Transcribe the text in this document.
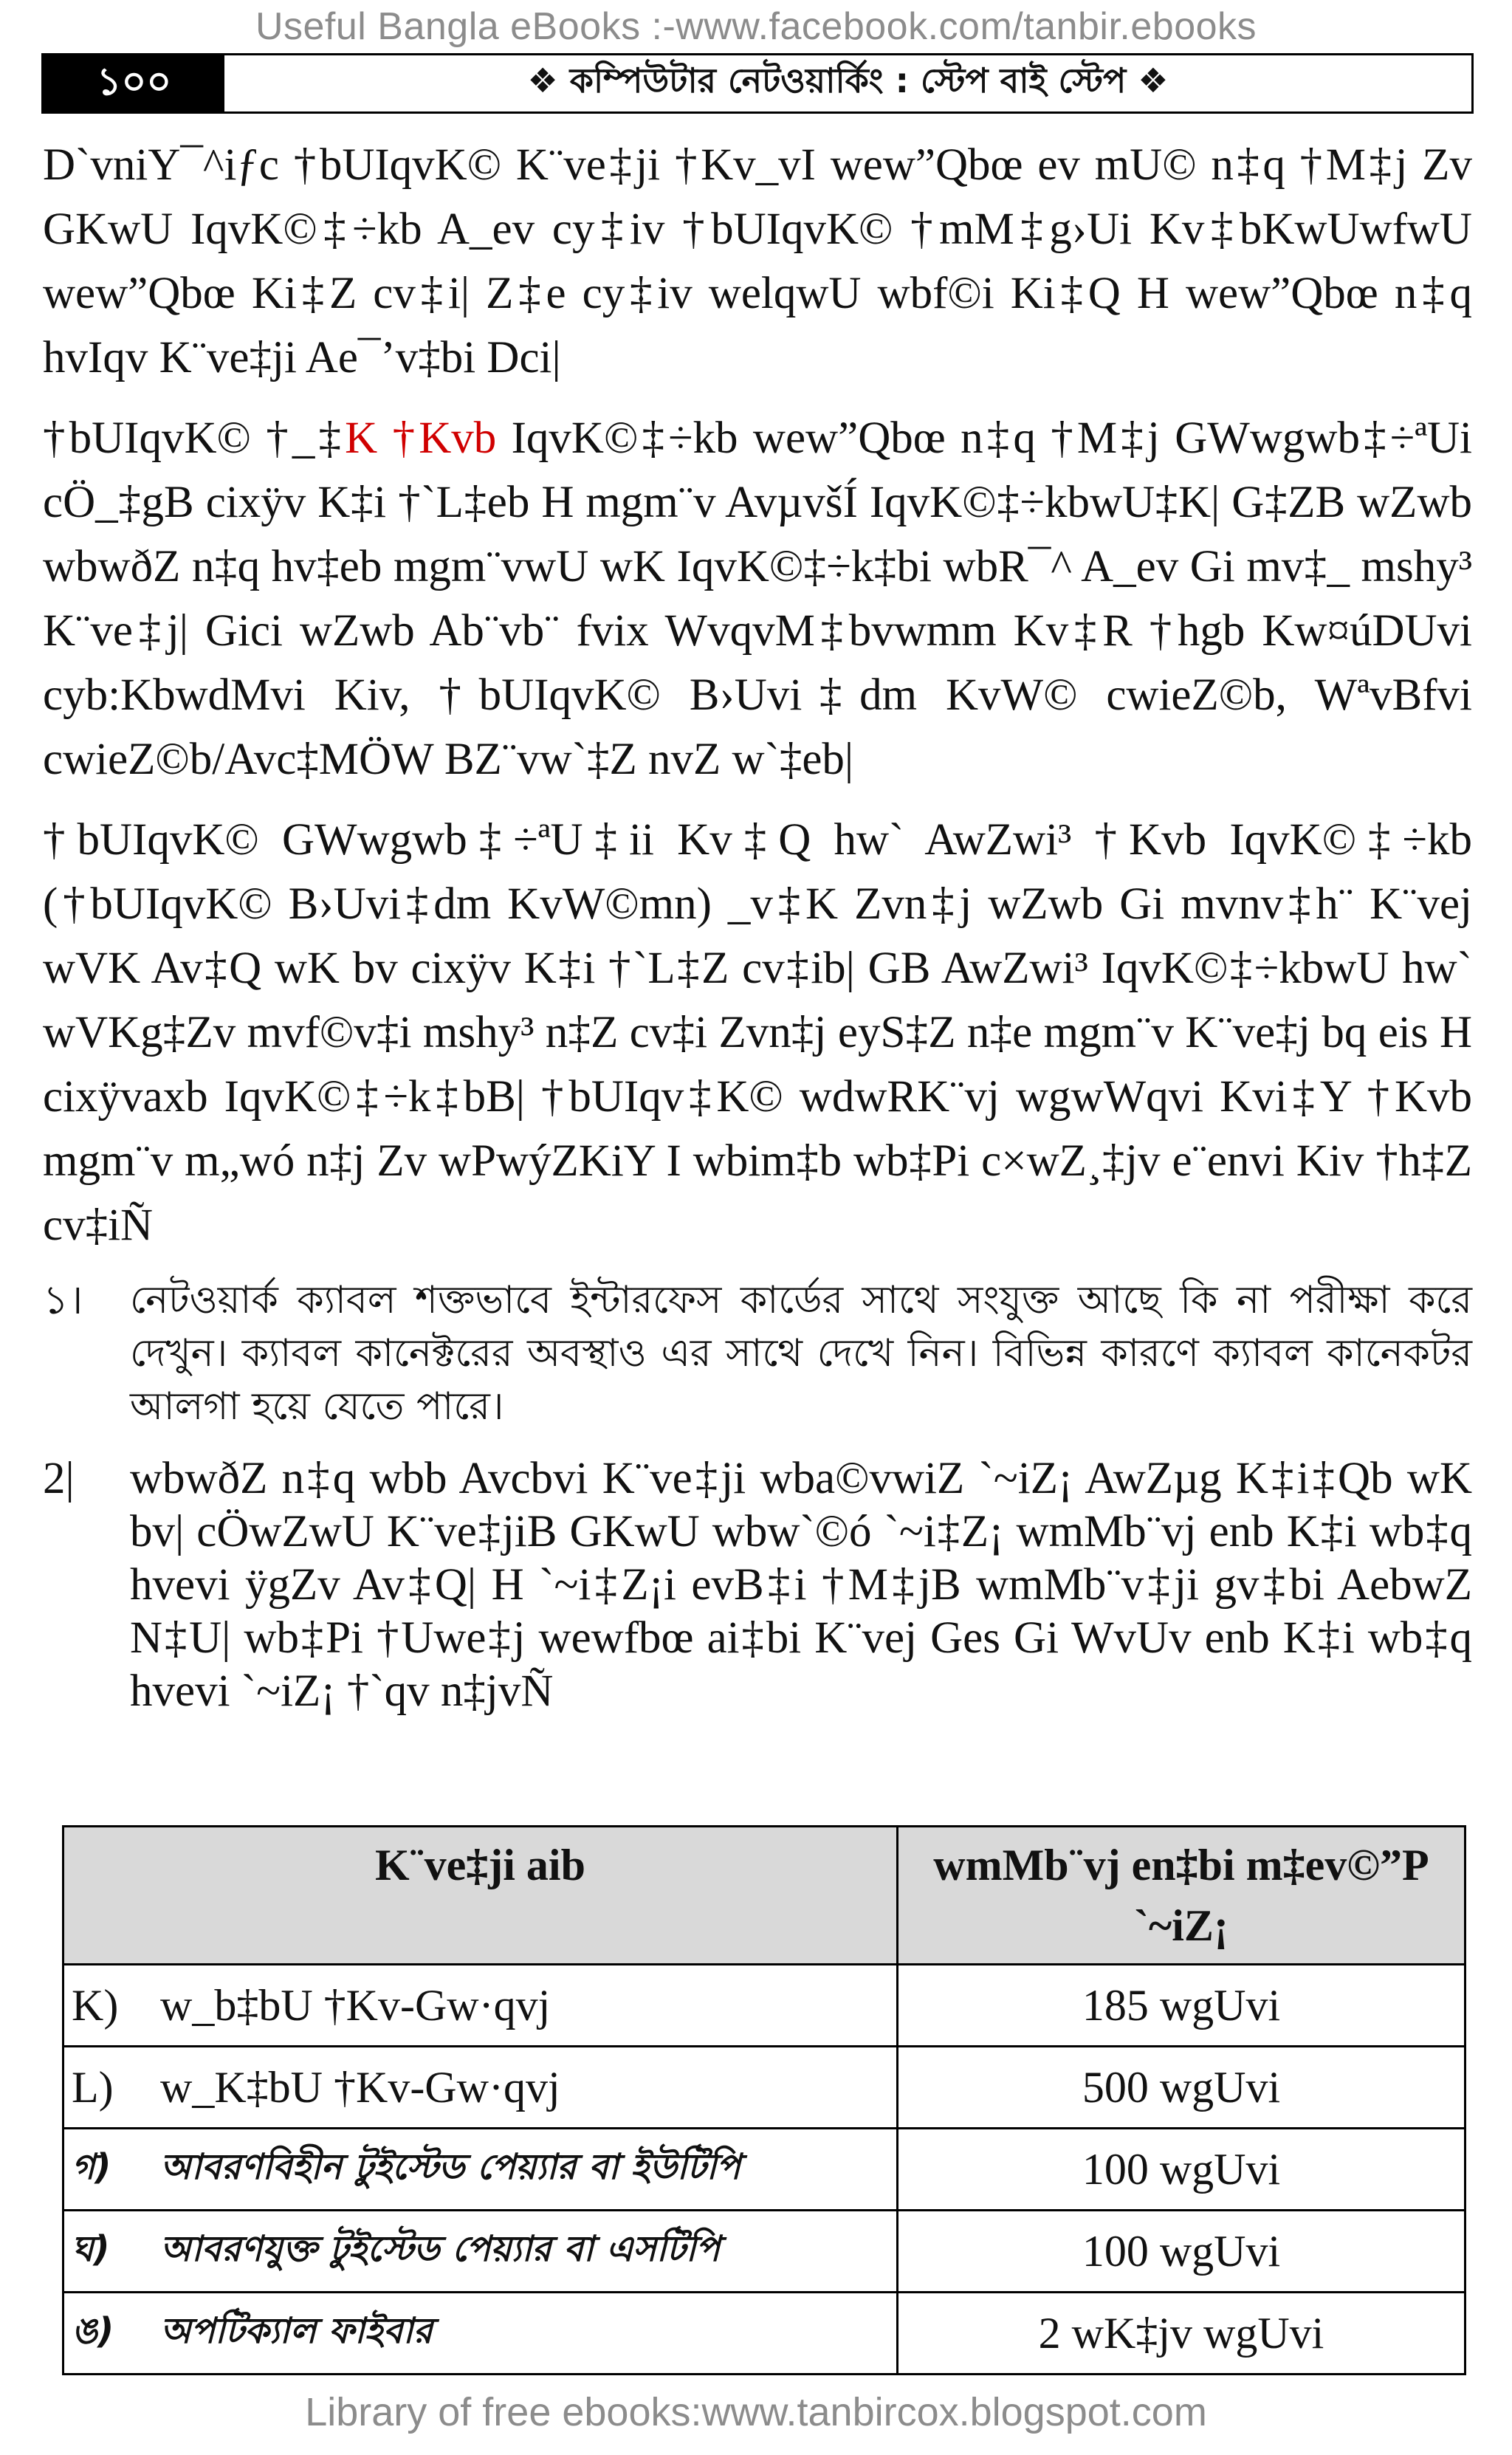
Useful Bangla eBooks :-www.facebook.com/tanbir.ebooks
১০০	❖ কম্পিউটার নেটওয়ার্কিং : স্টেপ বাই স্টেপ ❖

D`vniY¯^iƒc †bUIqvK© K¨ve‡ji †Kv_vI wew”Qbœ ev mU© n‡q †M‡j Zv GKwU IqvK©‡÷kb A_ev cy‡iv †bUIqvK© †mM‡g›Ui Kv‡bKwUwfwU wew”Qbœ Ki‡Z cv‡i| Z‡e cy‡iv welqwU wbf©i Ki‡Q H wew”Qbœ n‡q hvIqv K¨ve‡ji Ae¯’v‡bi Dci|

†bUIqvK© †_‡K †Kvb IqvK©‡÷kb wew”Qbœ n‡q †M‡j GWwgwb‡÷ªUi cÖ_‡gB cixÿv K‡i †`L‡eb H mgm¨v AvµvšÍ IqvK©‡÷kbwU‡K| G‡ZB wZwb wbwðZ n‡q hv‡eb mgm¨vwU wK IqvK©‡÷k‡bi wbR¯^ A_ev Gi mv‡_ mshy³ K¨ve‡j| Gici wZwb Ab¨vb¨ fvix WvqvM‡bvwmm Kv‡R †hgb Kw¤úDUvi cyb:KbwdMvi Kiv, †bUIqvK© B›Uvi‡dm KvW© cwieZ©b, WªvBfvi cwieZ©b/Avc‡MÖW BZ¨vw`‡Z nvZ w`‡eb|

†bUIqvK© GWwgwb‡÷ªU‡ii Kv‡Q hw` AwZwi³ †Kvb IqvK©‡÷kb (†bUIqvK© B›Uvi‡dm KvW©mn) _v‡K Zvn‡j wZwb Gi mvnv‡h¨ K¨vej wVK Av‡Q wK bv cixÿv K‡i †`L‡Z cv‡ib| GB AwZwi³ IqvK©‡÷kbwU hw` wVKg‡Zv mvf©v‡i mshy³ n‡Z cv‡i Zvn‡j eyS‡Z n‡e mgm¨v K¨ve‡j bq eis H cixÿvaxb IqvK©‡÷k‡bB| †bUIqv‡K© wdwRK¨vj wgwWqvi Kvi‡Y †Kvb mgm¨v m„wó n‡j Zv wPwýZKiY I wbim‡b wb‡Pi c×wZ¸‡jv e¨envi Kiv †h‡Z cv‡iÑ

১।	নেটওয়ার্ক ক্যাবল শক্তভাবে ইন্টারফেস কার্ডের সাথে সংযুক্ত আছে কি না পরীক্ষা করে দেখুন। ক্যাবল কানেক্টরের অবস্থাও এর সাথে দেখে নিন। বিভিন্ন কারণে ক্যাবল কানেকটর আলগা হয়ে যেতে পারে।
2|	wbwðZ n‡q wbb Avcbvi K¨ve‡ji wba©vwiZ `~iZ¡ AwZµg K‡i‡Qb wK bv| cÖwZwU K¨ve‡jiB GKwU wbw`©ó `~i‡Z¡ wmMb¨vj enb K‡i wb‡q hvevi ÿgZv Av‡Q| H `~i‡Z¡i evB‡i †M‡jB wmMb¨v‡ji gv‡bi AebwZ N‡U| wb‡Pi †Uwe‡j wewfbœ ai‡bi K¨vej Ges Gi WvUv enb K‡i wb‡q hvevi `~iZ¡ †`qv n‡jvÑ
K¨ve‡ji aib	wmMb¨vj en‡bi m‡ev©”P `~iZ¡
K) w_b‡bU †Kv-Gw·qvj	185 wgUvi
L) w_K‡bU †Kv-Gw·qvj	500 wgUvi
গ) আবরণবিহীন টুইস্টেড পেয়্যার বা ইউটিপি	100 wgUvi
ঘ) আবরণযুক্ত টুইস্টেড পেয়্যার বা এসটিপি	100 wgUvi
ঙ) অপটিক্যাল ফাইবার	2 wK‡jv wgUvi
Library of free ebooks:www.tanbircox.blogspot.com
